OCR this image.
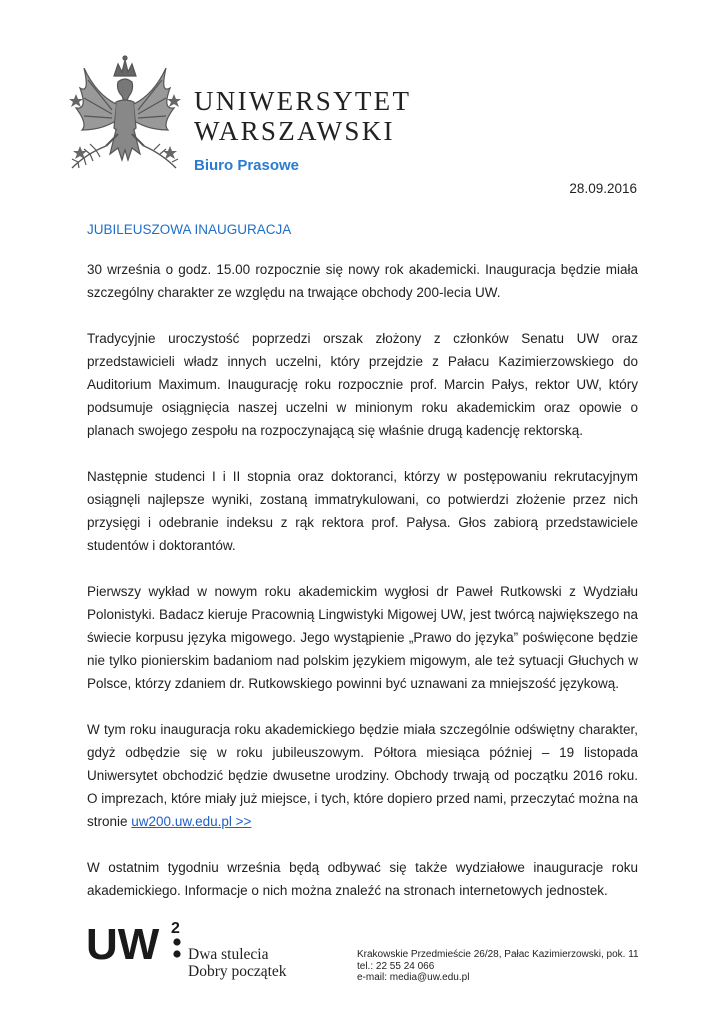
UNIWERSYTET
WARSZAWSKI
Biuro Prasowe
28.09.2016
JUBILEUSZOWA INAUGURACJA

30 września o godz. 15.00 rozpocznie się nowy rok akademicki. Inauguracja będzie miała szczególny charakter ze względu na trwające obchody 200-lecia UW.

Tradycyjnie uroczystość poprzedzi orszak złożony z członków Senatu UW oraz przedstawicieli władz innych uczelni, który przejdzie z Pałacu Kazimierzowskiego do Auditorium Maximum. Inaugurację roku rozpocznie prof. Marcin Pałys, rektor UW, który podsumuje osiągnięcia naszej uczelni w minionym roku akademickim oraz opowie o planach swojego zespołu na rozpoczynającą się właśnie drugą kadencję rektorską.

Następnie studenci I i II stopnia oraz doktoranci, którzy w postępowaniu rekrutacyjnym osiągnęli najlepsze wyniki, zostaną immatrykulowani, co potwierdzi złożenie przez nich przysięgi i odebranie indeksu z rąk rektora prof. Pałysa. Głos zabiorą przedstawiciele studentów i doktorantów.

Pierwszy wykład w nowym roku akademickim wygłosi dr Paweł Rutkowski z Wydziału Polonistyki. Badacz kieruje Pracownią Lingwistyki Migowej UW, jest twórcą największego na świecie korpusu języka migowego. Jego wystąpienie „Prawo do języka” poświęcone będzie nie tylko pionierskim badaniom nad polskim językiem migowym, ale też sytuacji Głuchych w Polsce, którzy zdaniem dr. Rutkowskiego powinni być uznawani za mniejszość językową.

W tym roku inauguracja roku akademickiego będzie miała szczególnie odświętny charakter, gdyż odbędzie się w roku jubileuszowym. Półtora miesiąca później – 19 listopada Uniwersytet obchodzić będzie dwusetne urodziny. Obchody trwają od początku 2016 roku. O imprezach, które miały już miejsce, i tych, które dopiero przed nami, przeczytać można na stronie uw200.uw.edu.pl >>

W ostatnim tygodniu września będą odbywać się także wydziałowe inauguracje roku akademickiego. Informacje o nich można znaleźć na stronach internetowych jednostek.

UW 2
Dwa stulecia
Dobry początek
Krakowskie Przedmieście 26/28, Pałac Kazimierzowski, pok. 11
tel.: 22 55 24 066
e-mail: media@uw.edu.pl
